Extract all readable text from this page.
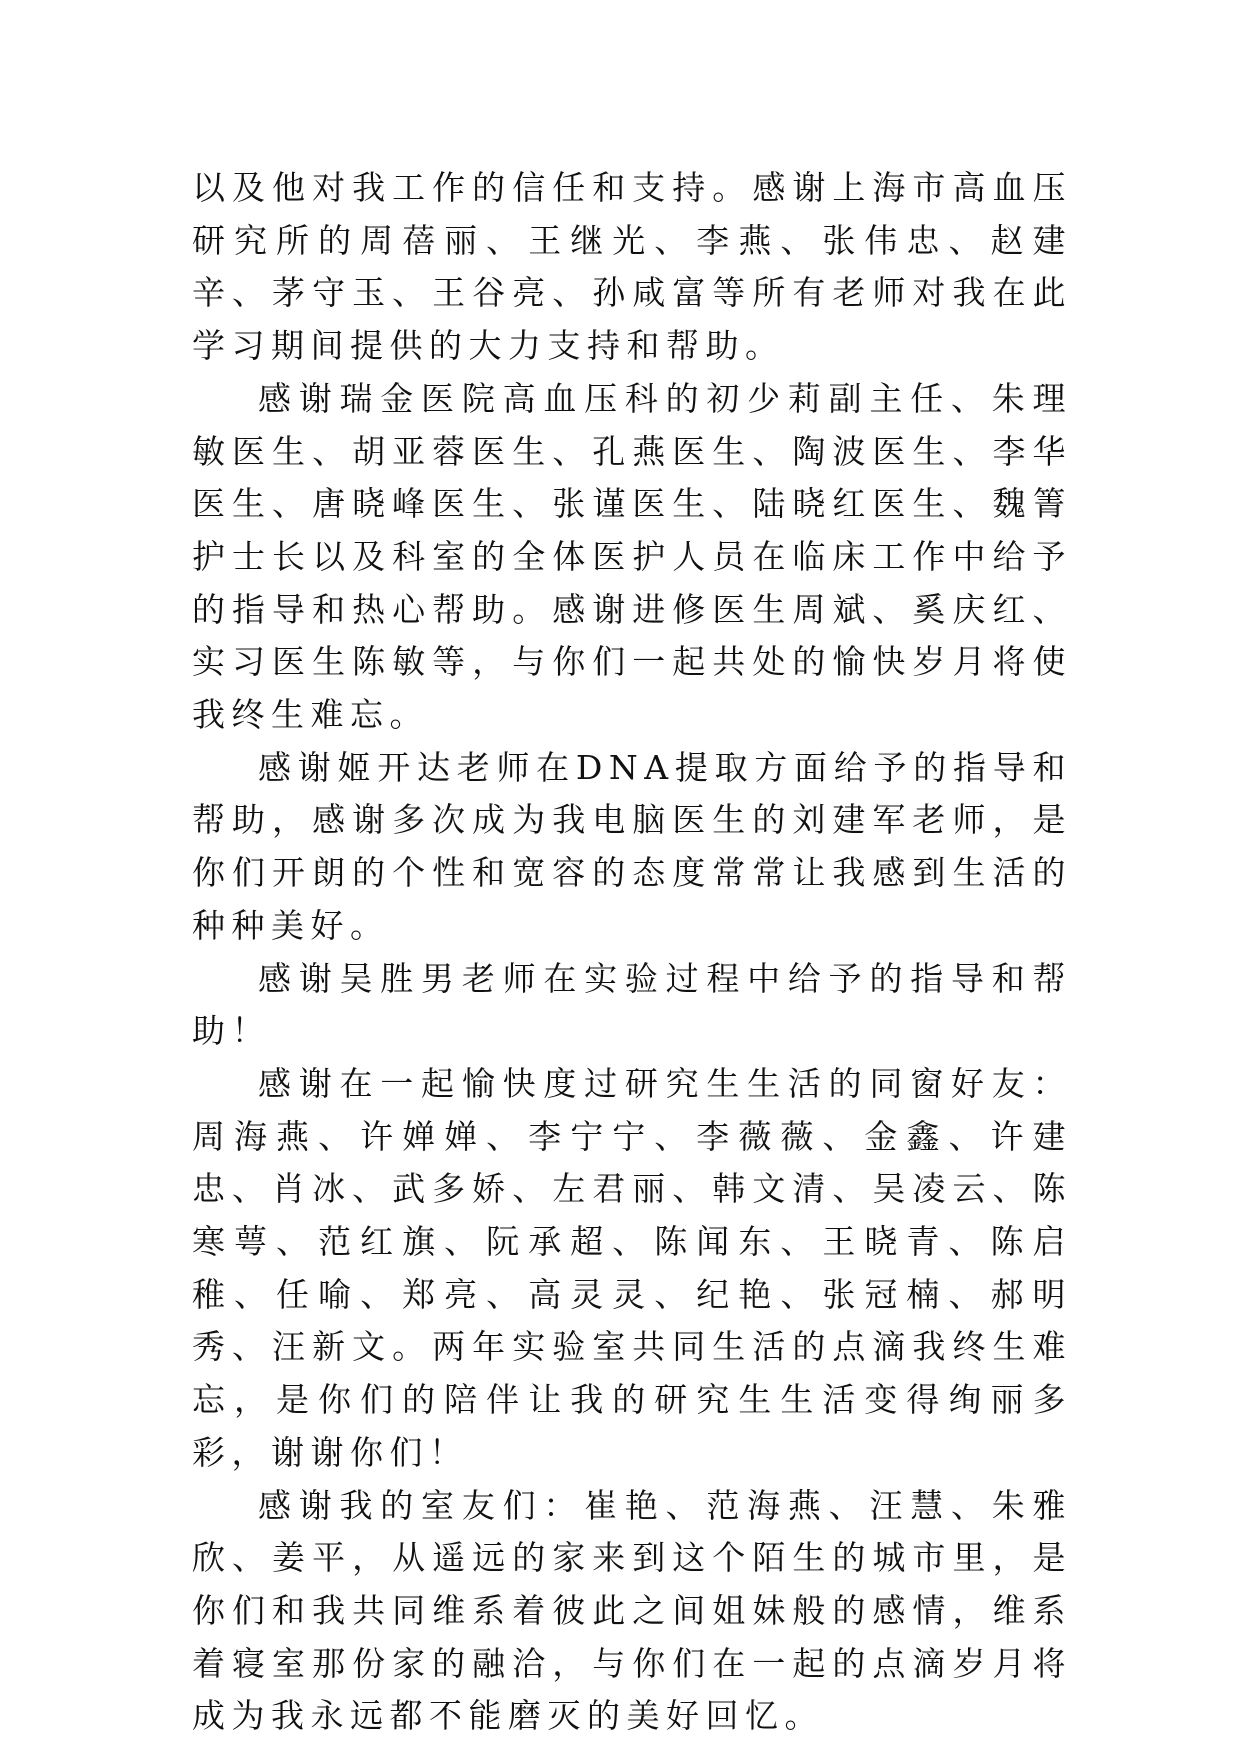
以及他对我工作的信任和支持。感谢上海市高血压研究所的周蓓丽、王继光、李燕、张伟忠、赵建辛、茅守玉、王谷亮、孙咸富等所有老师对我在此学习期间提供的大力支持和帮助。

感谢瑞金医院高血压科的初少莉副主任、朱理敏医生、胡亚蓉医生、孔燕医生、陶波医生、李华医生、唐晓峰医生、张谨医生、陆晓红医生、魏箐护士长以及科室的全体医护人员在临床工作中给予的指导和热心帮助。感谢进修医生周斌、奚庆红、实习医生陈敏等，与你们一起共处的愉快岁月将使我终生难忘。

感谢姬开达老师在DNA提取方面给予的指导和帮助，感谢多次成为我电脑医生的刘建军老师，是你们开朗的个性和宽容的态度常常让我感到生活的种种美好。

感谢吴胜男老师在实验过程中给予的指导和帮助！

感谢在一起愉快度过研究生生活的同窗好友：周海燕、许婵婵、李宁宁、李薇薇、金鑫、许建忠、肖冰、武多娇、左君丽、韩文清、吴凌云、陈寒萼、范红旗、阮承超、陈闻东、王晓青、陈启稚、任喻、郑亮、高灵灵、纪艳、张冠楠、郝明秀、汪新文。两年实验室共同生活的点滴我终生难忘，是你们的陪伴让我的研究生生活变得绚丽多彩，谢谢你们！

感谢我的室友们：崔艳、范海燕、汪慧、朱雅欣、姜平，从遥远的家来到这个陌生的城市里，是你们和我共同维系着彼此之间姐妹般的感情，维系着寝室那份家的融洽，与你们在一起的点滴岁月将成为我永远都不能磨灭的美好回忆。
